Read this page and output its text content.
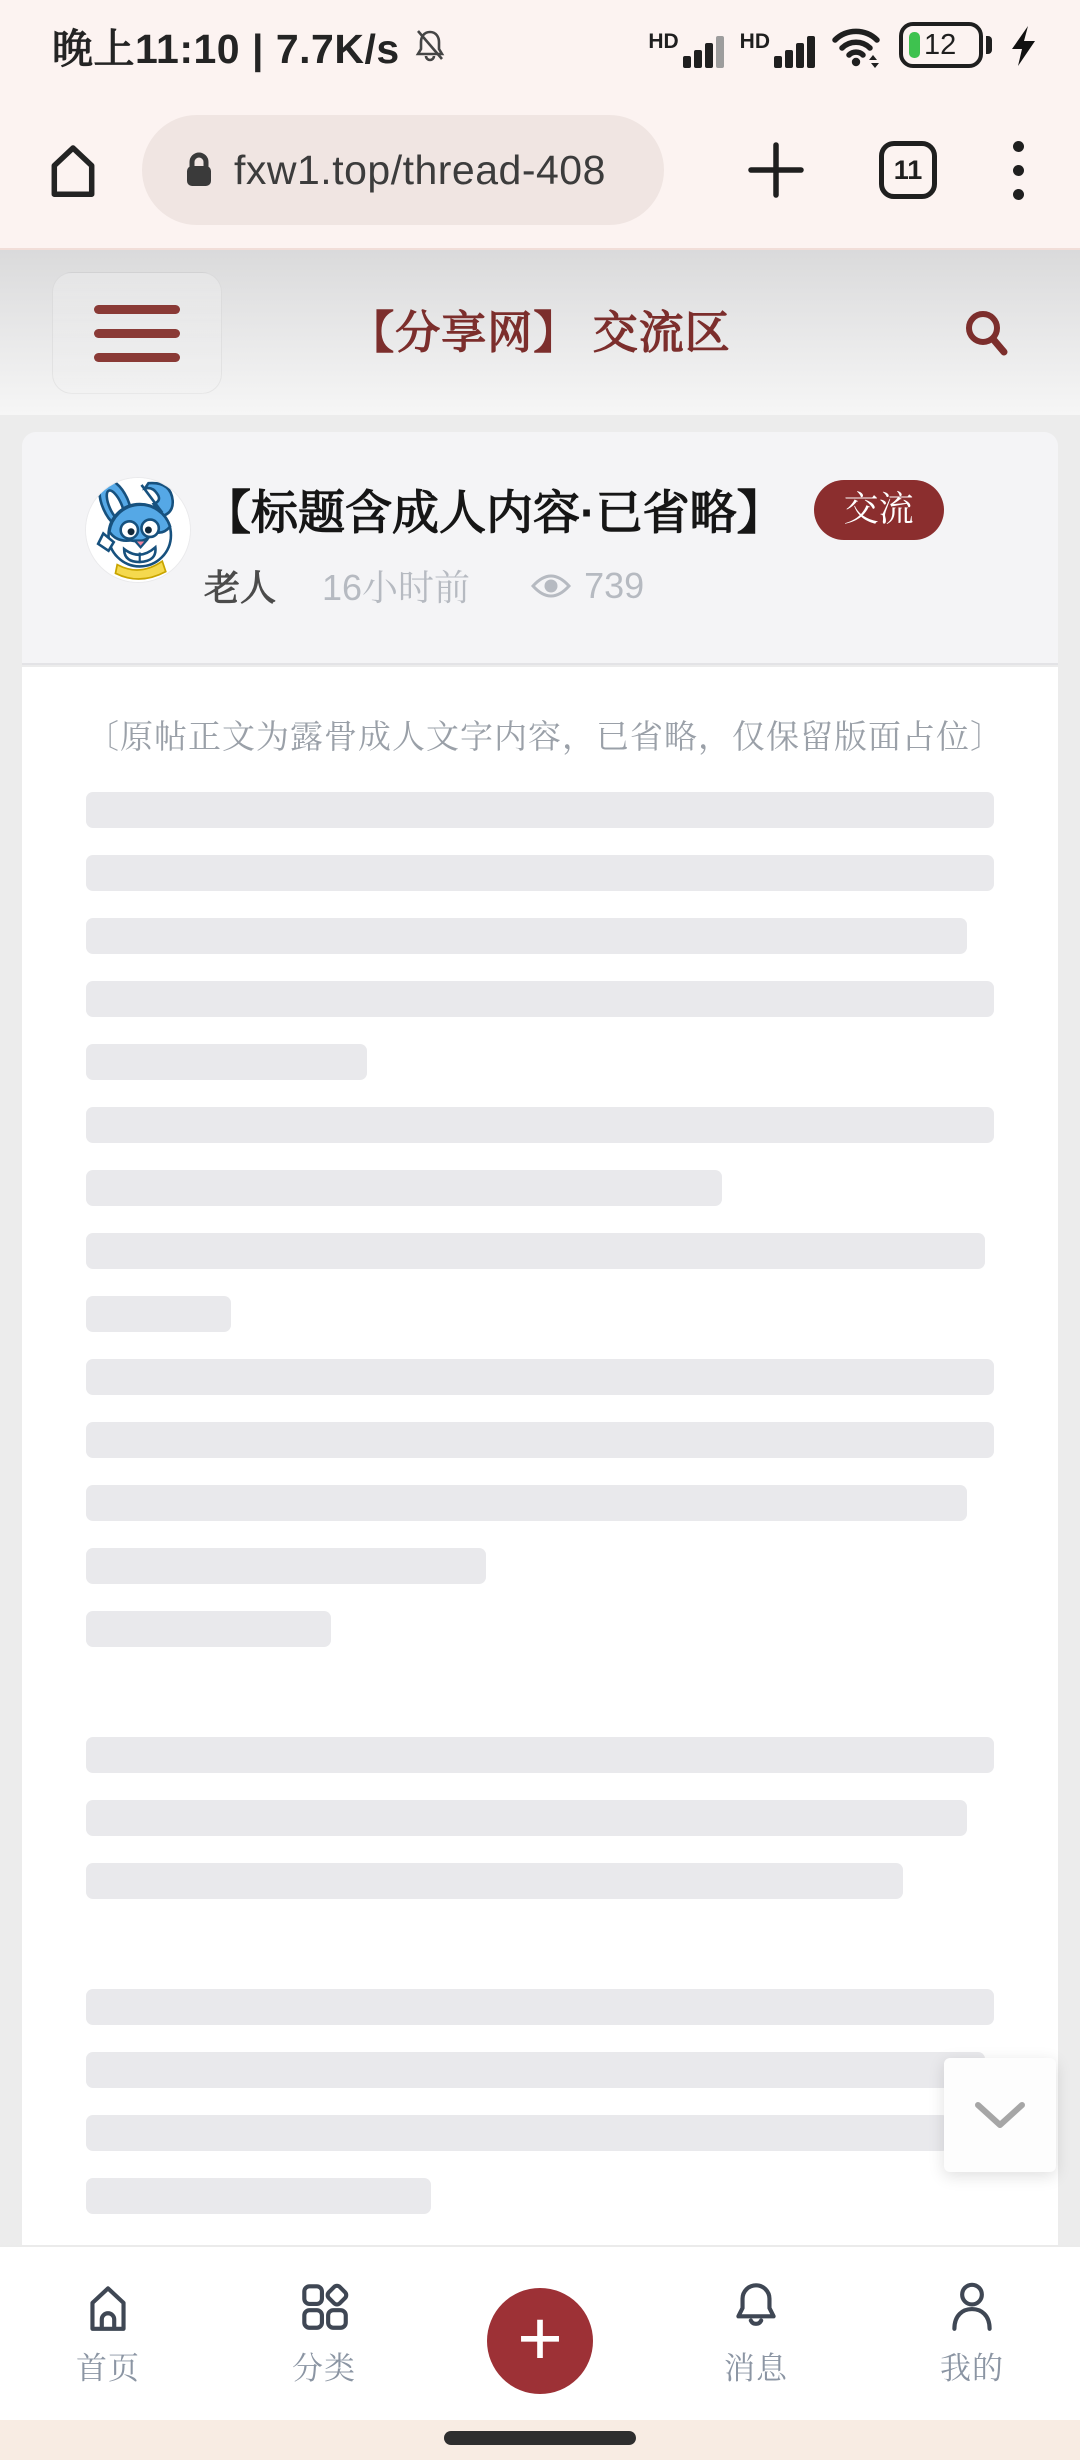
晚上11:10 | 7.7K/s	HD	HD	12
fxw1.top/thread-408	11
【分享网】 交流区
【标题含成人内容·已省略】	交流
老人 16小时前	739
〔原帖正文为露骨成人文字内容，已省略，仅保留版面占位〕
首页	分类	+	消息	我的
